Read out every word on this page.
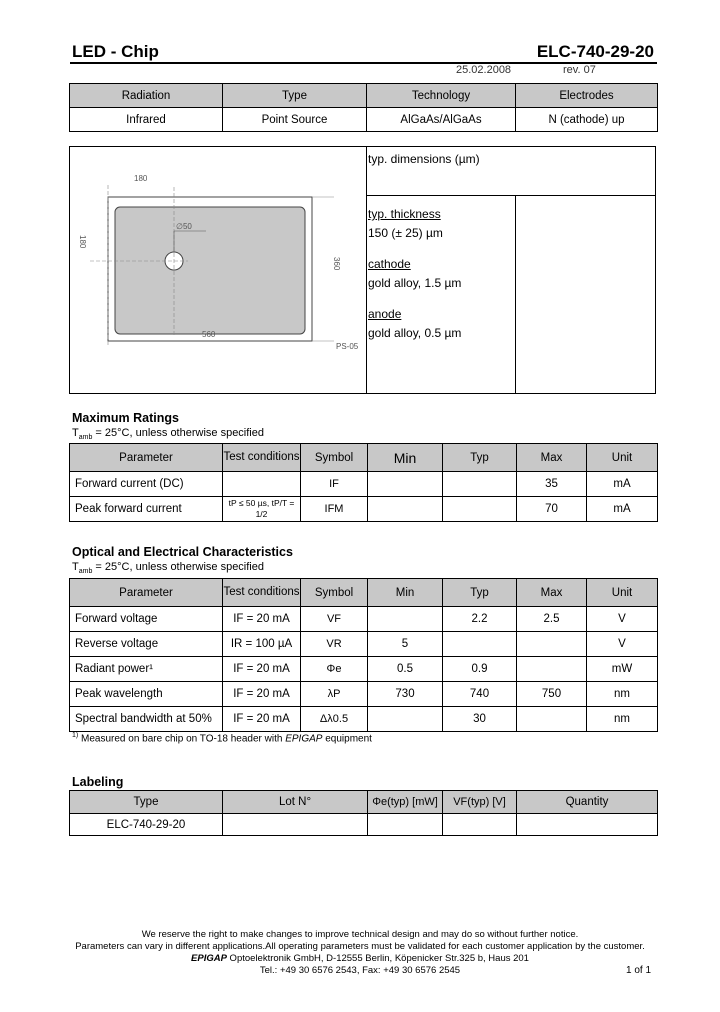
LED - Chip	ELC-740-29-20
25.02.2008	rev. 07
Radiation	Type	Technology	Electrodes
Infrared	Point Source	AlGaAs/AlGaAs	N (cathode) up
180
180
∅50
360
560
PS-05
typ. dimensions (µm)
typ. thickness
150 (± 25) µm
cathode
gold alloy, 1.5 µm
anode
gold alloy, 0.5 µm
Maximum Ratings
$T_{amb} = 25^\circ C$, unless otherwise specified
Parameter	Test conditions	Symbol	Min	Typ	Max	Unit
Forward current (DC)		IF			35	mA
Peak forward current	tP ≤ 50 µs, tP/T = 1/2	IFM			70	mA
Optical and Electrical Characteristics
$T_{amb} = 25^\circ C$, unless otherwise specified
Parameter	Test conditions	Symbol	Min	Typ	Max	Unit
Forward voltage	IF = 20 mA	VF		2.2	2.5	V
Reverse voltage	IR = 100 µA	VR	5			V
Radiant power¹	IF = 20 mA	Φe	0.5	0.9		mW
Peak wavelength	IF = 20 mA	λP	730	740	750	nm
Spectral bandwidth at 50%	IF = 20 mA	Δλ0.5		30		nm
$^{1)}$ Measured on bare chip on TO-18 header with EPIGAP equipment
Labeling
Type	Lot N°	Φe(typ) [mW]	VF(typ) [V]	Quantity
ELC-740-29-20				
We reserve the right to make changes to improve technical design and may do so without further notice.
Parameters can vary in different applications.All operating parameters must be validated for each customer application by the customer.
EPIGAP Optoelektronik GmbH, D-12555 Berlin, Köpenicker Str.325 b, Haus 201
Tel.: +49 30 6576 2543, Fax: +49 30 6576 2545	1 of 1
